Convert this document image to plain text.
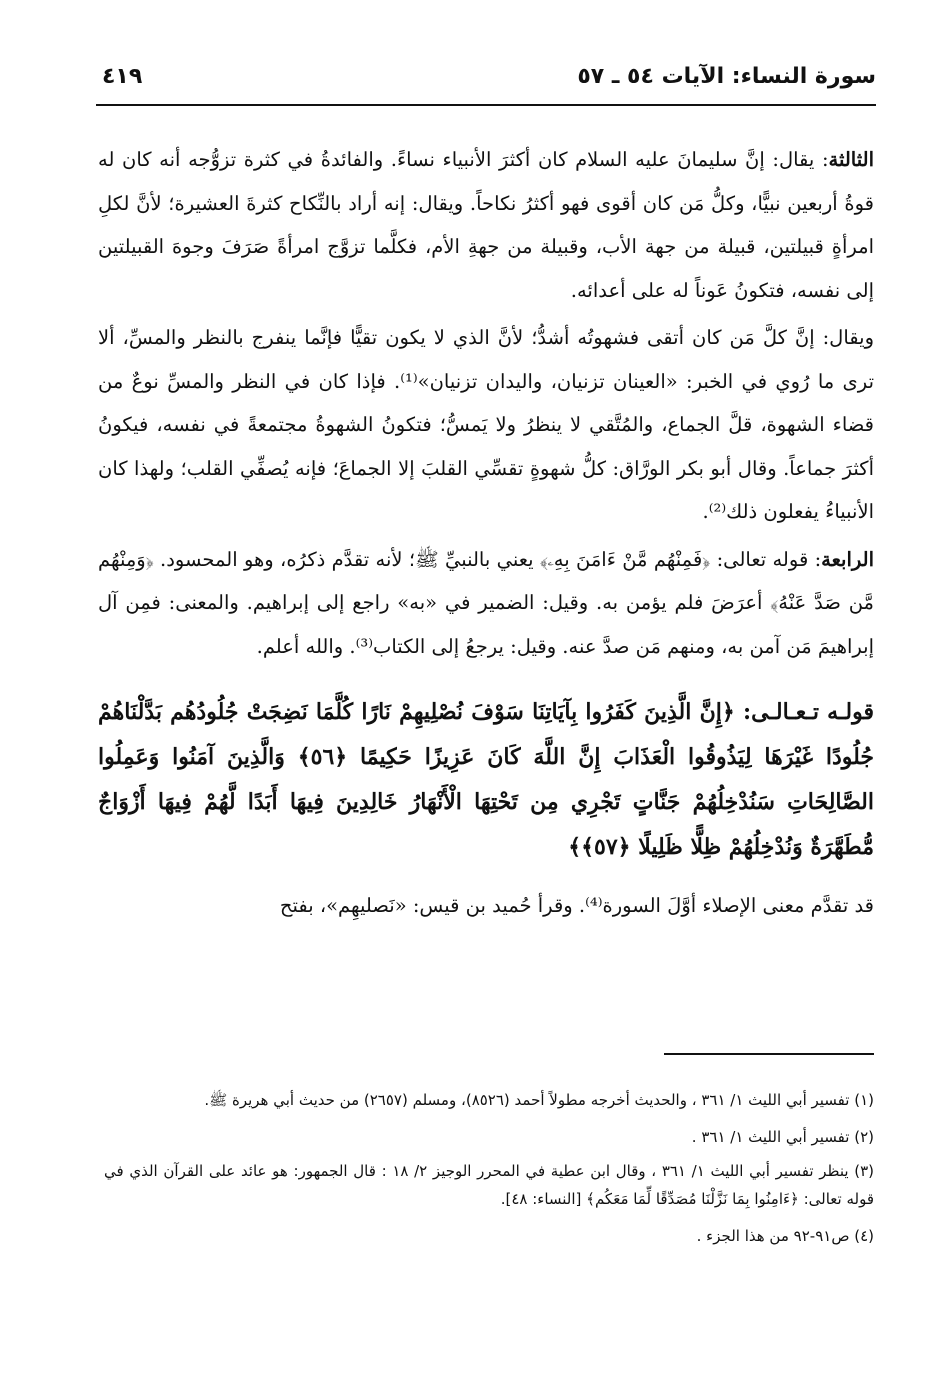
سورة النساء: الآيات ٥٤ ـ ٥٧
٤١٩

الثالثة: يقال: إنَّ سليمانَ عليه السلام كان أكثرَ الأنبياء نساءً. والفائدةُ في كثرة تزوُّجه أنه كان له قوةُ أربعين نبيًّا، وكلُّ مَن كان أقوى فهو أكثرُ نكاحاً. ويقال: إنه أراد بالنِّكاح كثرةَ العشيرة؛ لأنَّ لكلِ امرأةٍ قبيلتين، قبيلة من جهة الأب، وقبيلة من جهةِ الأم، فكلَّما تزوَّج امرأةً صَرَفَ وجوهَ القبيلتين إلى نفسه، فتكونُ عَوناً له على أعدائه.

ويقال: إنَّ كلَّ مَن كان أتقى فشهوتُه أشدُّ؛ لأنَّ الذي لا يكون تقيًّا فإنَّما ينفرج بالنظر والمسِّ، ألا ترى ما رُوي في الخبر: «العينان تزنيان، واليدان تزنيان»⁽¹⁾. فإذا كان في النظر والمسِّ نوعٌ من قضاء الشهوة، قلَّ الجماع، والمُتَّقي لا ينظرُ ولا يَمسُّ؛ فتكونُ الشهوةُ مجتمعةً في نفسه، فيكونُ أكثرَ جماعاً. وقال أبو بكر الورَّاق: كلُّ شهوةٍ تقسِّي القلبَ إلا الجماعَ؛ فإنه يُصفِّي القلب؛ ولهذا كان الأنبياءُ يفعلون ذلك⁽²⁾.

الرابعة: قوله تعالى: ﴿فَمِنْهُم مَّنْ ءَامَنَ بِهِۦ﴾ يعني بالنبيِّ ﷺ؛ لأنه تقدَّم ذكرُه، وهو المحسود. ﴿وَمِنْهُم مَّن صَدَّ عَنْهُ﴾ أعرَضَ فلم يؤمن به. وقيل: الضمير في «به» راجع إلى إبراهيم. والمعنى: فمِن آل إبراهيمَ مَن آمن به، ومنهم مَن صدَّ عنه. وقيل: يرجعُ إلى الكتاب⁽³⁾. والله أعلم.

قولـه تـعـالـى: ﴿إِنَّ الَّذِينَ كَفَرُوا بِآيَاتِنَا سَوْفَ نُصْلِيهِمْ نَارًا كُلَّمَا نَضِجَتْ جُلُودُهُم بَدَّلْنَاهُمْ جُلُودًا غَيْرَهَا لِيَذُوقُوا الْعَذَابَ إِنَّ اللَّهَ كَانَ عَزِيزًا حَكِيمًا ﴿٥٦﴾ وَالَّذِينَ آمَنُوا وَعَمِلُوا الصَّالِحَاتِ سَنُدْخِلُهُمْ جَنَّاتٍ تَجْرِي مِن تَحْتِهَا الْأَنْهَارُ خَالِدِينَ فِيهَا أَبَدًا لَّهُمْ فِيهَا أَزْوَاجٌ مُّطَهَّرَةٌ وَنُدْخِلُهُمْ ظِلًّا ظَلِيلًا ﴿٥٧﴾﴾

قد تقدَّم معنى الإصلاء أوَّلَ السورة⁽⁴⁾. وقرأ حُميد بن قيس: «نَصليهِم»، بفتح

(١) تفسير أبي الليث ١/ ٣٦١ ، والحديث أخرجه مطولاً أحمد (٨٥٢٦)، ومسلم (٢٦٥٧) من حديث أبي هريرة ﷺ.

(٢) تفسير أبي الليث ١/ ٣٦١ .

(٣) ينظر تفسير أبي الليث ١/ ٣٦١ ، وقال ابن عطية في المحرر الوجيز ٢/ ١٨ : قال الجمهور: هو عائد على القرآن الذي في قوله تعالى: ﴿ءَامِنُوا بِمَا نَزَّلْنَا مُصَدِّقًا لِّمَا مَعَكُم﴾ [النساء: ٤٨].

(٤) ص٩١-٩٢ من هذا الجزء .
